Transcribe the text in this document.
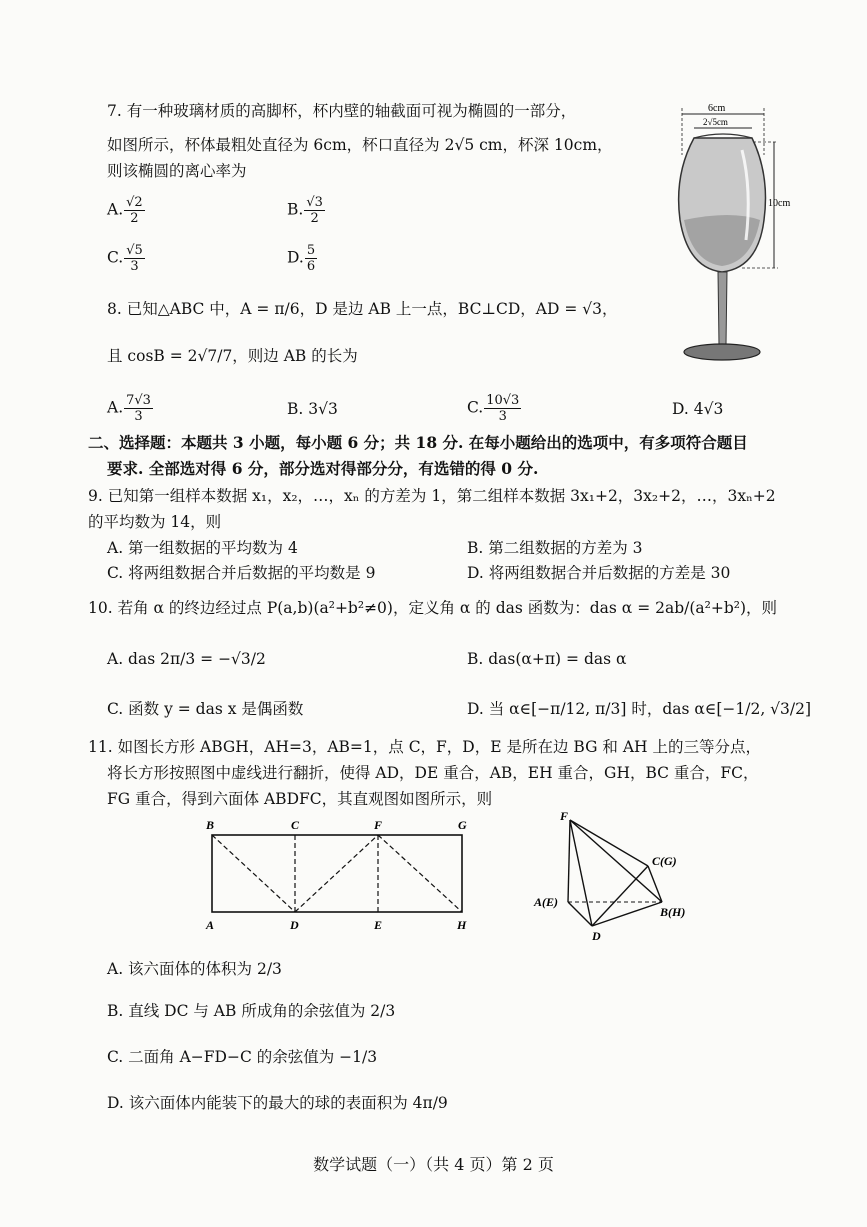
7. 有一种玻璃材质的高脚杯，杯内壁的轴截面可视为椭圆的一部分，
如图所示，杯体最粗处直径为 6cm，杯口直径为 2√5 cm，杯深 10cm，
则该椭圆的离心率为
A. $\frac{√2}{2}$	B. $\frac{√3}{2}$
C. $\frac{√5}{3}$	D. $\frac{5}{6}$
6cm
2√5cm
10cm
8. 已知△ABC 中，A = π/6，D 是边 AB 上一点，BC⊥CD，AD = √3，
且 cosB = 2√7/7，则边 AB 的长为
A. $\frac{7√3}{3}$	B. 3√3	C. $\frac{10√3}{3}$	D. 4√3
二、选择题：本题共 3 小题，每小题 6 分；共 18 分. 在每小题给出的选项中，有多项符合题目
要求. 全部选对得 6 分，部分选对得部分分，有选错的得 0 分.
9. 已知第一组样本数据 x₁，x₂，…，xₙ 的方差为 1，第二组样本数据 3x₁+2，3x₂+2，…，3xₙ+2
的平均数为 14，则
A. 第一组数据的平均数为 4	B. 第二组数据的方差为 3
C. 将两组数据合并后数据的平均数是 9	D. 将两组数据合并后数据的方差是 30
10. 若角 α 的终边经过点 P(a,b)(a²+b²≠0)，定义角 α 的 das 函数为：das α = 2ab/(a²+b²)，则
A. das 2π/3 = −√3/2	B. das(α+π) = das α
C. 函数 y = das x 是偶函数	D. 当 α∈[−π/12, π/3] 时，das α∈[−1/2, √3/2]
11. 如图长方形 ABGH，AH=3，AB=1，点 C，F，D，E 是所在边 BG 和 AH 上的三等分点，
将长方形按照图中虚线进行翻折，使得 AD，DE 重合，AB，EH 重合，GH，BC 重合，FC，
FG 重合，得到六面体 ABDFC，其直观图如图所示，则
B	C	F	G
A	D	E	H
F
C(G)
A(E)
B(H)
D
A. 该六面体的体积为 2/3
B. 直线 DC 与 AB 所成角的余弦值为 2/3
C. 二面角 A−FD−C 的余弦值为 −1/3
D. 该六面体内能装下的最大的球的表面积为 4π/9
数学试题（一）（共 4 页）第 2 页
